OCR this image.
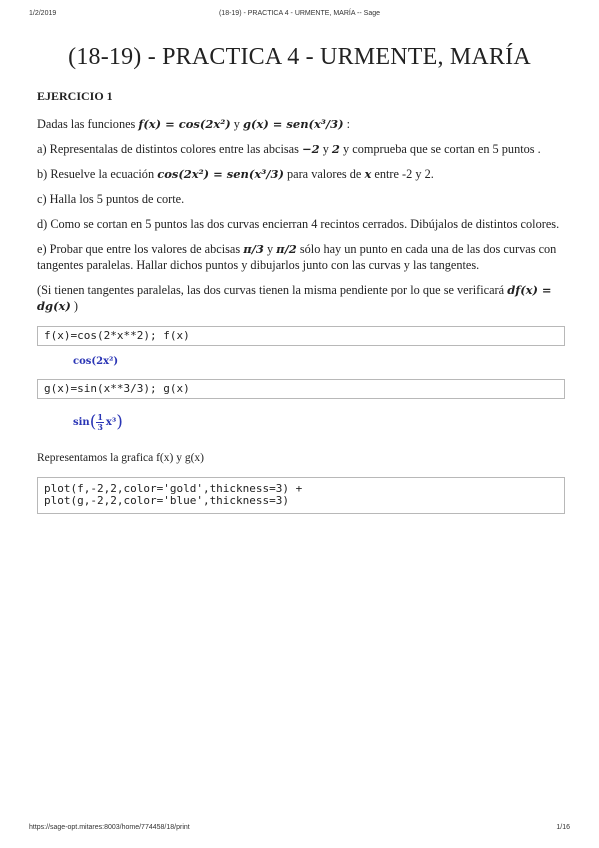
1/2/2019	(18-19) - PRACTICA 4 - URMENTE, MARÍA -- Sage
(18-19) - PRACTICA 4 - URMENTE, MARÍA
EJERCICIO 1

Dadas las funciones f(x) = cos(2x²) y g(x) = sen(x³/3) :

a) Representalas de distintos colores entre las abcisas −2 y 2 y comprueba que se cortan en 5 puntos .

b) Resuelve la ecuación cos(2x²) = sen(x³/3) para valores de x entre -2 y 2.

c) Halla los 5 puntos de corte.

d) Como se cortan en 5 puntos las dos curvas encierran 4 recintos cerrados. Dibújalos de distintos colores.

e) Probar que entre los valores de abcisas π/3 y π/2 sólo hay un punto en cada una de las dos curvas con tangentes paralelas. Hallar dichos puntos y dibujarlos junto con las curvas y las tangentes.

(Si tienen tangentes paralelas, las dos curvas tienen la misma pendiente por lo que se verificará df(x) = dg(x) )

f(x)=cos(2*x**2); f(x)
cos(2x²)
g(x)=sin(x**3/3); g(x)
sin ( $\frac{1}{3} x^3$ )

Representamos la grafica f(x) y g(x)

plot(f,-2,2,color='gold',thickness=3) +
plot(g,-2,2,color='blue',thickness=3)
https://sage-opt.mitares:8003/home/774458/18/print	1/16
